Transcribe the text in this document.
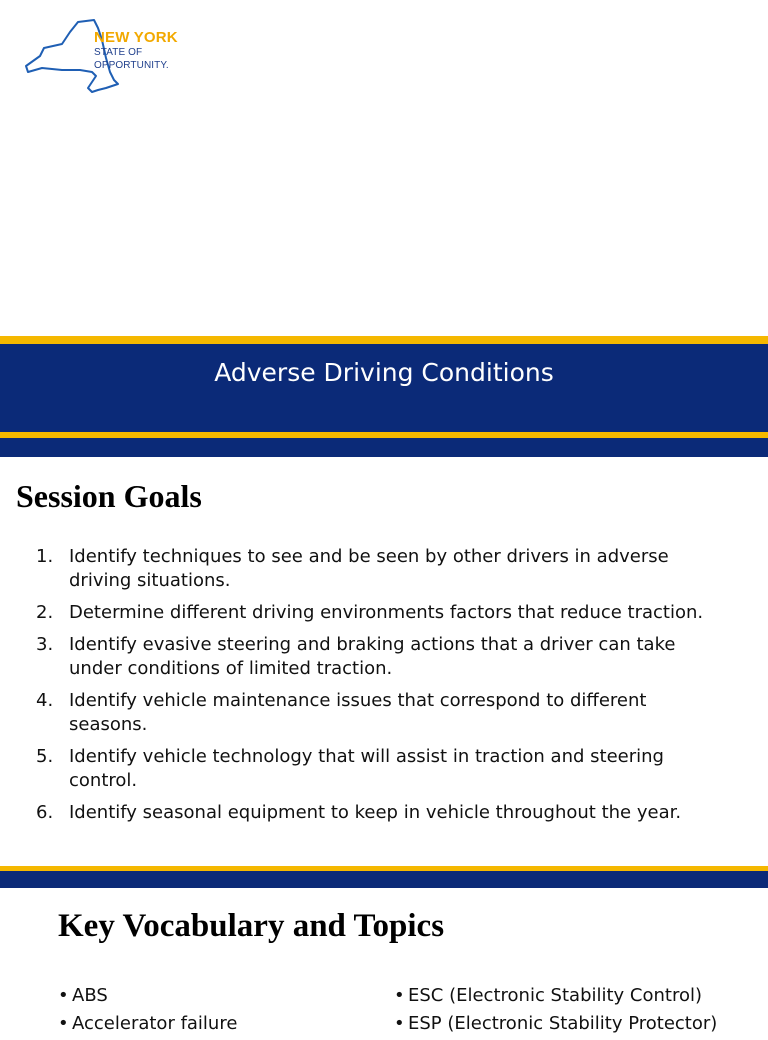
NEW YORK
STATE OF
OPPORTUNITY.
Adverse Driving Conditions
Session Goals
1. Identify techniques to see and be seen by other drivers in adverse driving situations.
2. Determine different driving environments factors that reduce traction.
3. Identify evasive steering and braking actions that a driver can take under conditions of limited traction.
4. Identify vehicle maintenance issues that correspond to different seasons.
5. Identify vehicle technology that will assist in traction and steering control.
6. Identify seasonal equipment to keep in vehicle throughout the year.
Key Vocabulary and Topics
• ABS
• Accelerator failure
• ESC (Electronic Stability Control)
• ESP (Electronic Stability Protector)
